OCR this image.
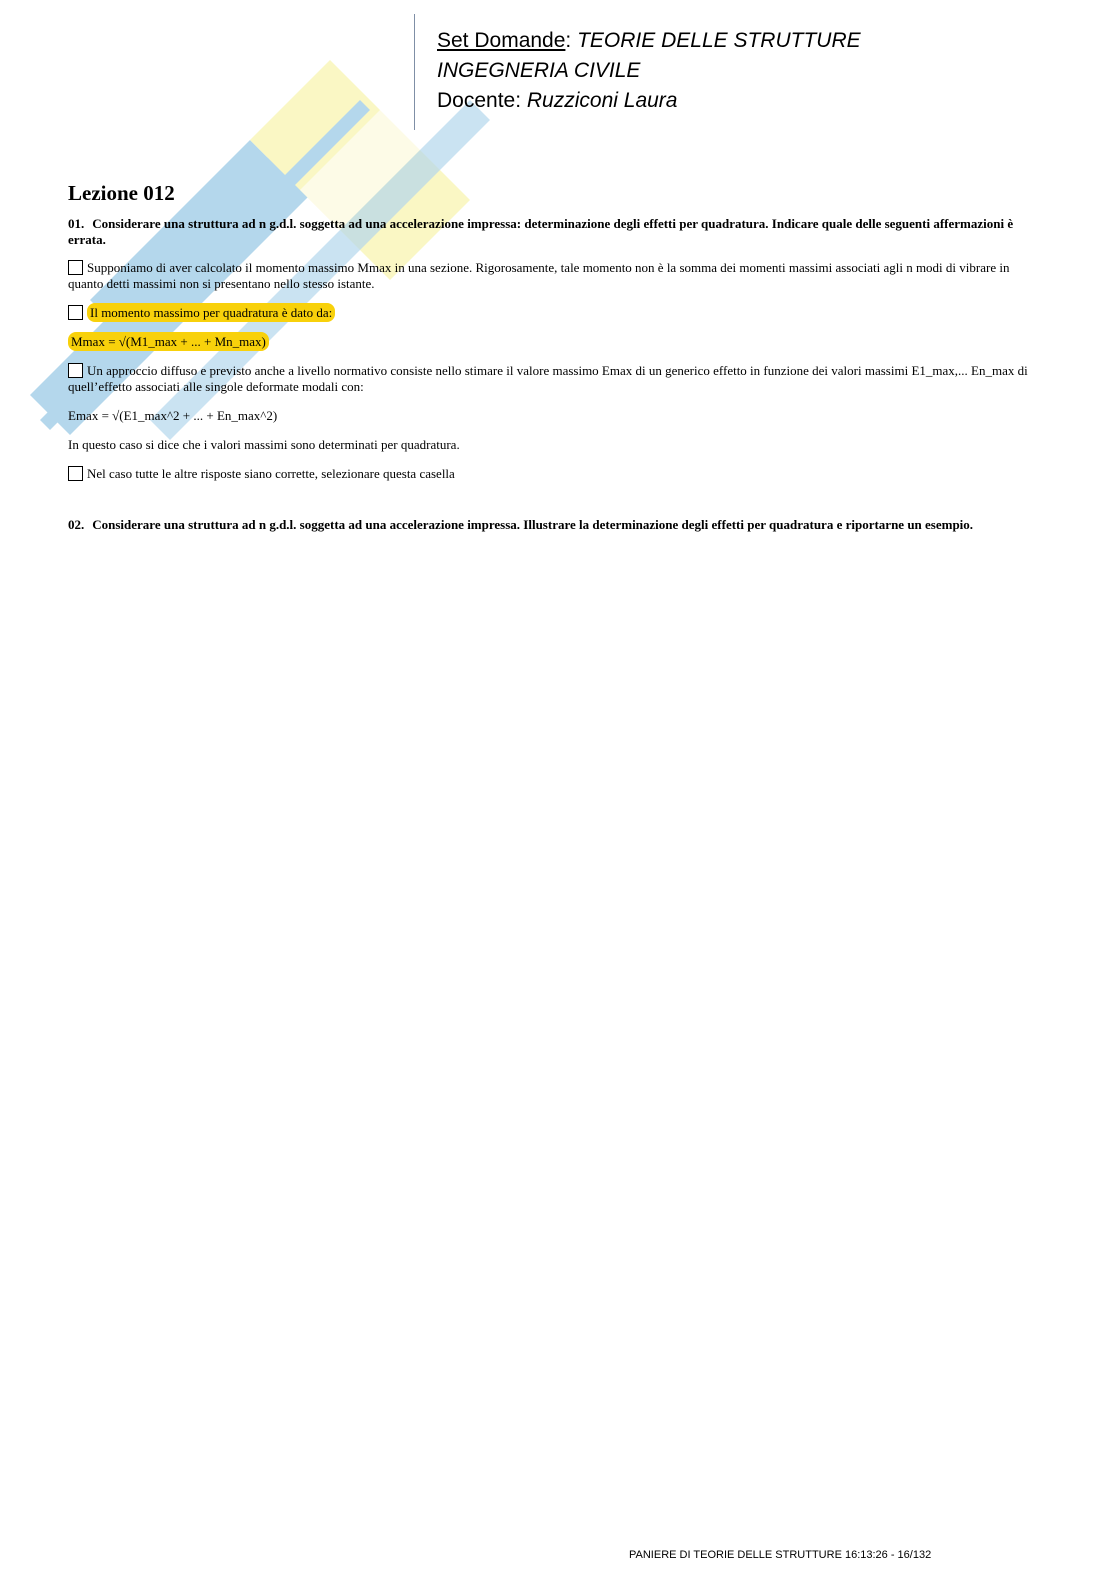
Set Domande: TEORIE DELLE STRUTTURE
INGEGNERIA CIVILE
Docente: Ruzziconi Laura
Lezione 012
01. Considerare una struttura ad n g.d.l. soggetta ad una accelerazione impressa: determinazione degli effetti per quadratura. Indicare quale delle seguenti affermazioni è errata.
Supponiamo di aver calcolato il momento massimo Mmax in una sezione. Rigorosamente, tale momento non è la somma dei momenti massimi associati agli n modi di vibrare in quanto detti massimi non si presentano nello stesso istante.
Il momento massimo per quadratura è dato da:
Mmax = √(M1_max + ... + Mn_max)
Un approccio diffuso e previsto anche a livello normativo consiste nello stimare il valore massimo Emax di un generico effetto in funzione dei valori massimi E1_max,... En_max di quell’effetto associati alle singole deformate modali con:
Emax = √(E1_max^2 + ... + En_max^2)
In questo caso si dice che i valori massimi sono determinati per quadratura.
Nel caso tutte le altre risposte siano corrette, selezionare questa casella
02. Considerare una struttura ad n g.d.l. soggetta ad una accelerazione impressa. Illustrare la determinazione degli effetti per quadratura e riportarne un esempio.
PANIERE DI TEORIE DELLE STRUTTURE 16:13:26 - 16/132
